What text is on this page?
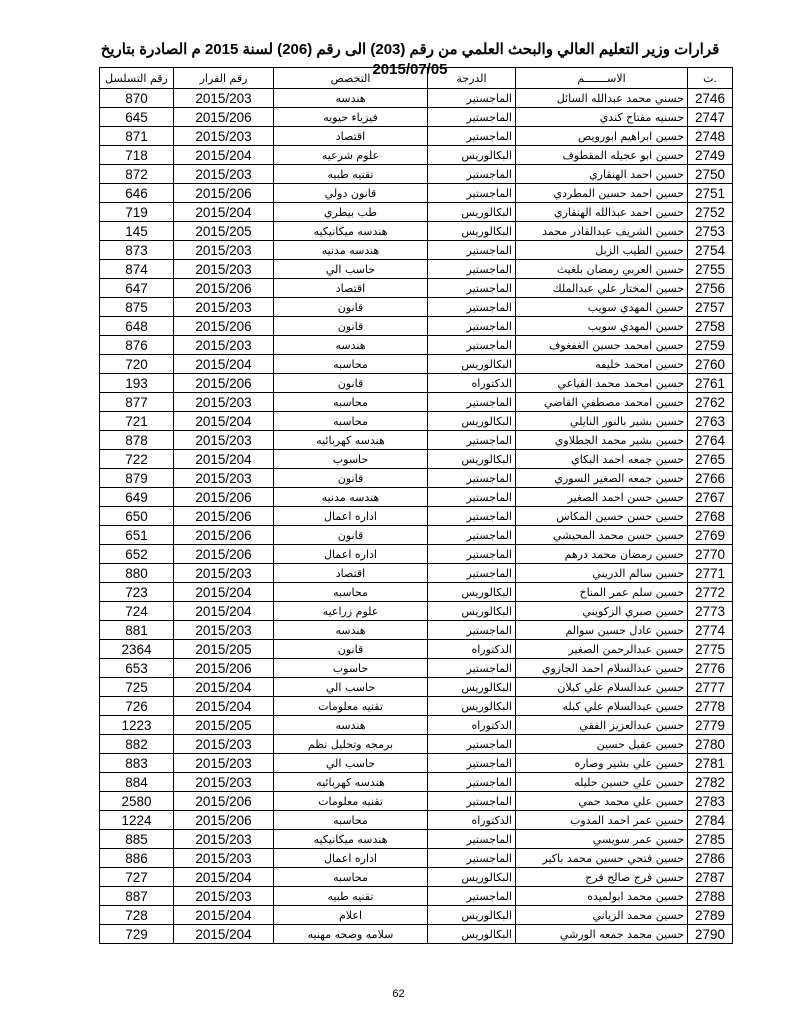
قرارات وزير التعليم العالي والبحث العلمي من رقم (203) الى رقم (206) لسنة 2015 م الصادرة بتاريخ 2015/07/05
رقم التسلسل	رقم القرار	التخصص	الدرجة	الاســـــــم	ت.
870	2015/203	هندسه	الماجستير	حسني محمد عبدالله السائل	2746
645	2015/206	فيزياء حيويه	الماجستير	حسنيه مفتاح كندي	2747
871	2015/203	اقتصاد	الماجستير	حسين ابراهيم ابورويص	2748
718	2015/204	علوم شرعيه	البكالوريس	حسين ابو عجيله المقطوف	2749
872	2015/203	تقنيه طبيه	الماجستير	حسين احمد الهنقاري	2750
646	2015/206	قانون دولي	الماجستير	حسين احمد حسين المطردي	2751
719	2015/204	طب بيطري	البكالوريس	حسين احمد عبدالله الهنقاري	2752
145	2015/205	هندسه ميكانيكيه	البكالوريس	حسين الشريف عبدالقادر محمد	2753
873	2015/203	هندسه مدنيه	الماجستير	حسين الطيب الزبل	2754
874	2015/203	حاسب الي	الماجستير	حسين العربي رمضان بلغيث	2755
647	2015/206	اقتصاد	الماجستير	حسين المختار علي عبدالملك	2756
875	2015/203	قانون	الماجستير	حسين المهدي سويب	2757
648	2015/206	قانون	الماجستير	حسين المهدي سويب	2758
876	2015/203	هندسه	الماجستير	حسين امحمد حسين الغفغوف	2759
720	2015/204	محاسبه	البكالوريس	حسين امحمد خليفه	2760
193	2015/206	قانون	الدكتوراه	حسين امحمد محمد القياعي	2761
877	2015/203	محاسبه	الماجستير	حسين امحمد مصطفي القاضي	2762
721	2015/204	محاسبه	البكالوريس	حسين بشير بالنور النايلي	2763
878	2015/203	هندسه كهربائيه	الماجستير	حسين بشير محمد الجطلاوي	2764
722	2015/204	حاسوب	البكالوريس	حسين جمعه احمد البكاي	2765
879	2015/203	قانون	الماجستير	حسين جمعه الصغير السوري	2766
649	2015/206	هندسه مدنيه	الماجستير	حسين حسن احمد الصغير	2767
650	2015/206	اداره اعمال	الماجستير	حسين حسن حسين المكاس	2768
651	2015/206	قانون	الماجستير	حسين حسن محمد المحيشي	2769
652	2015/206	اداره اعمال	الماجستير	حسين رمضان محمد درهم	2770
880	2015/203	اقتصاد	الماجستير	حسين سالم الدريني	2771
723	2015/204	محاسبه	البكالوريس	حسين سلم عمر المناخ	2772
724	2015/204	علوم زراعيه	البكالوريس	حسين صبري الزكويني	2773
881	2015/203	هندسه	الماجستير	حسين عادل حسين سوالم	2774
2364	2015/205	قانون	الدكتوراه	حسين عبدالرحمن الصغير	2775
653	2015/206	حاسوب	الماجستير	حسين عبدالسلام احمد الجازوي	2776
725	2015/204	حاسب الي	البكالوريس	حسين عبدالسلام علي كبلان	2777
726	2015/204	تقنيه معلومات	البكالوريس	حسين عبدالسلام علي كبله	2778
1223	2015/205	هندسه	الدكتوراه	حسين عبدالعزيز الفقي	2779
882	2015/203	برمجه وتحليل نظم	الماجستير	حسين عقيل حسين	2780
883	2015/203	حاسب الي	الماجستير	حسين علي بشير وصاره	2781
884	2015/203	هندسه كهربائيه	الماجستير	حسين علي حسين حليله	2782
2580	2015/206	تقنيه معلومات	الماجستير	حسين علي محمد حمي	2783
1224	2015/206	محاسبه	الدكتوراه	حسين عمر احمد المدوب	2784
885	2015/203	هندسه ميكانيكيه	الماجستير	حسين عمر سويسي	2785
886	2015/203	اداره اعمال	الماجستير	حسين فتحي حسين محمد باكير	2786
727	2015/204	محاسبه	البكالوريس	حسين فرج صالح فرج	2787
887	2015/203	تقنيه طبيه	الماجستير	حسين محمد ابولميده	2788
728	2015/204	اعلام	البكالوريس	حسين محمد الزياني	2789
729	2015/204	سلامه وصحه مهنيه	البكالوريس	حسين محمد جمعه الورشي	2790
62
